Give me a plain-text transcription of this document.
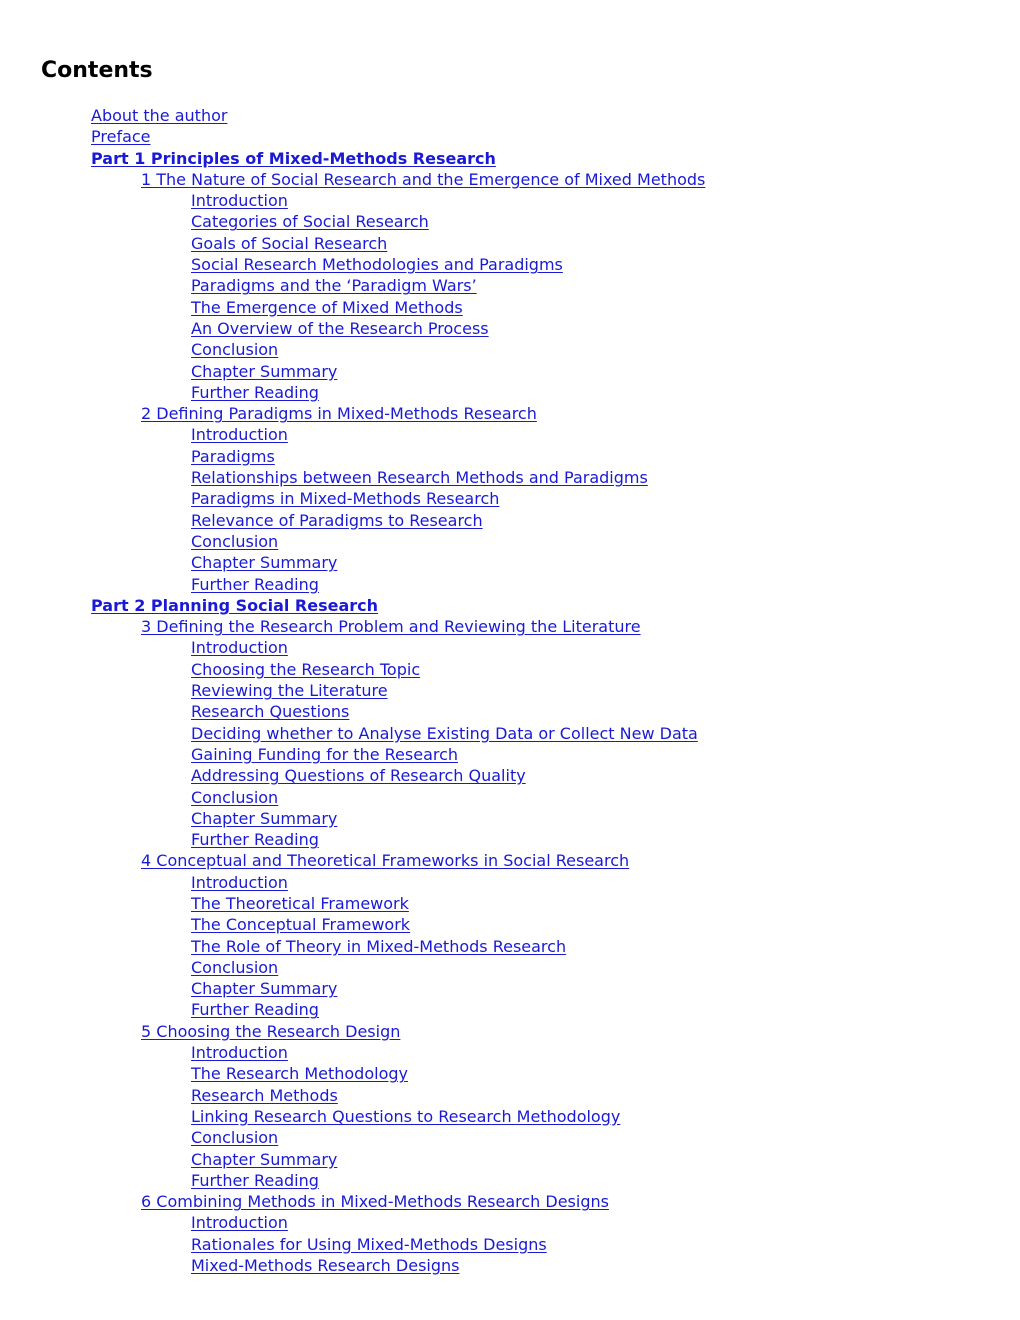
Contents
About the author
Preface
Part 1 Principles of Mixed-Methods Research
1 The Nature of Social Research and the Emergence of Mixed Methods
Introduction
Categories of Social Research
Goals of Social Research
Social Research Methodologies and Paradigms
Paradigms and the ‘Paradigm Wars’
The Emergence of Mixed Methods
An Overview of the Research Process
Conclusion
Chapter Summary
Further Reading
2 Defining Paradigms in Mixed-Methods Research
Introduction
Paradigms
Relationships between Research Methods and Paradigms
Paradigms in Mixed-Methods Research
Relevance of Paradigms to Research
Conclusion
Chapter Summary
Further Reading
Part 2 Planning Social Research
3 Defining the Research Problem and Reviewing the Literature
Introduction
Choosing the Research Topic
Reviewing the Literature
Research Questions
Deciding whether to Analyse Existing Data or Collect New Data
Gaining Funding for the Research
Addressing Questions of Research Quality
Conclusion
Chapter Summary
Further Reading
4 Conceptual and Theoretical Frameworks in Social Research
Introduction
The Theoretical Framework
The Conceptual Framework
The Role of Theory in Mixed-Methods Research
Conclusion
Chapter Summary
Further Reading
5 Choosing the Research Design
Introduction
The Research Methodology
Research Methods
Linking Research Questions to Research Methodology
Conclusion
Chapter Summary
Further Reading
6 Combining Methods in Mixed-Methods Research Designs
Introduction
Rationales for Using Mixed-Methods Designs
Mixed-Methods Research Designs
